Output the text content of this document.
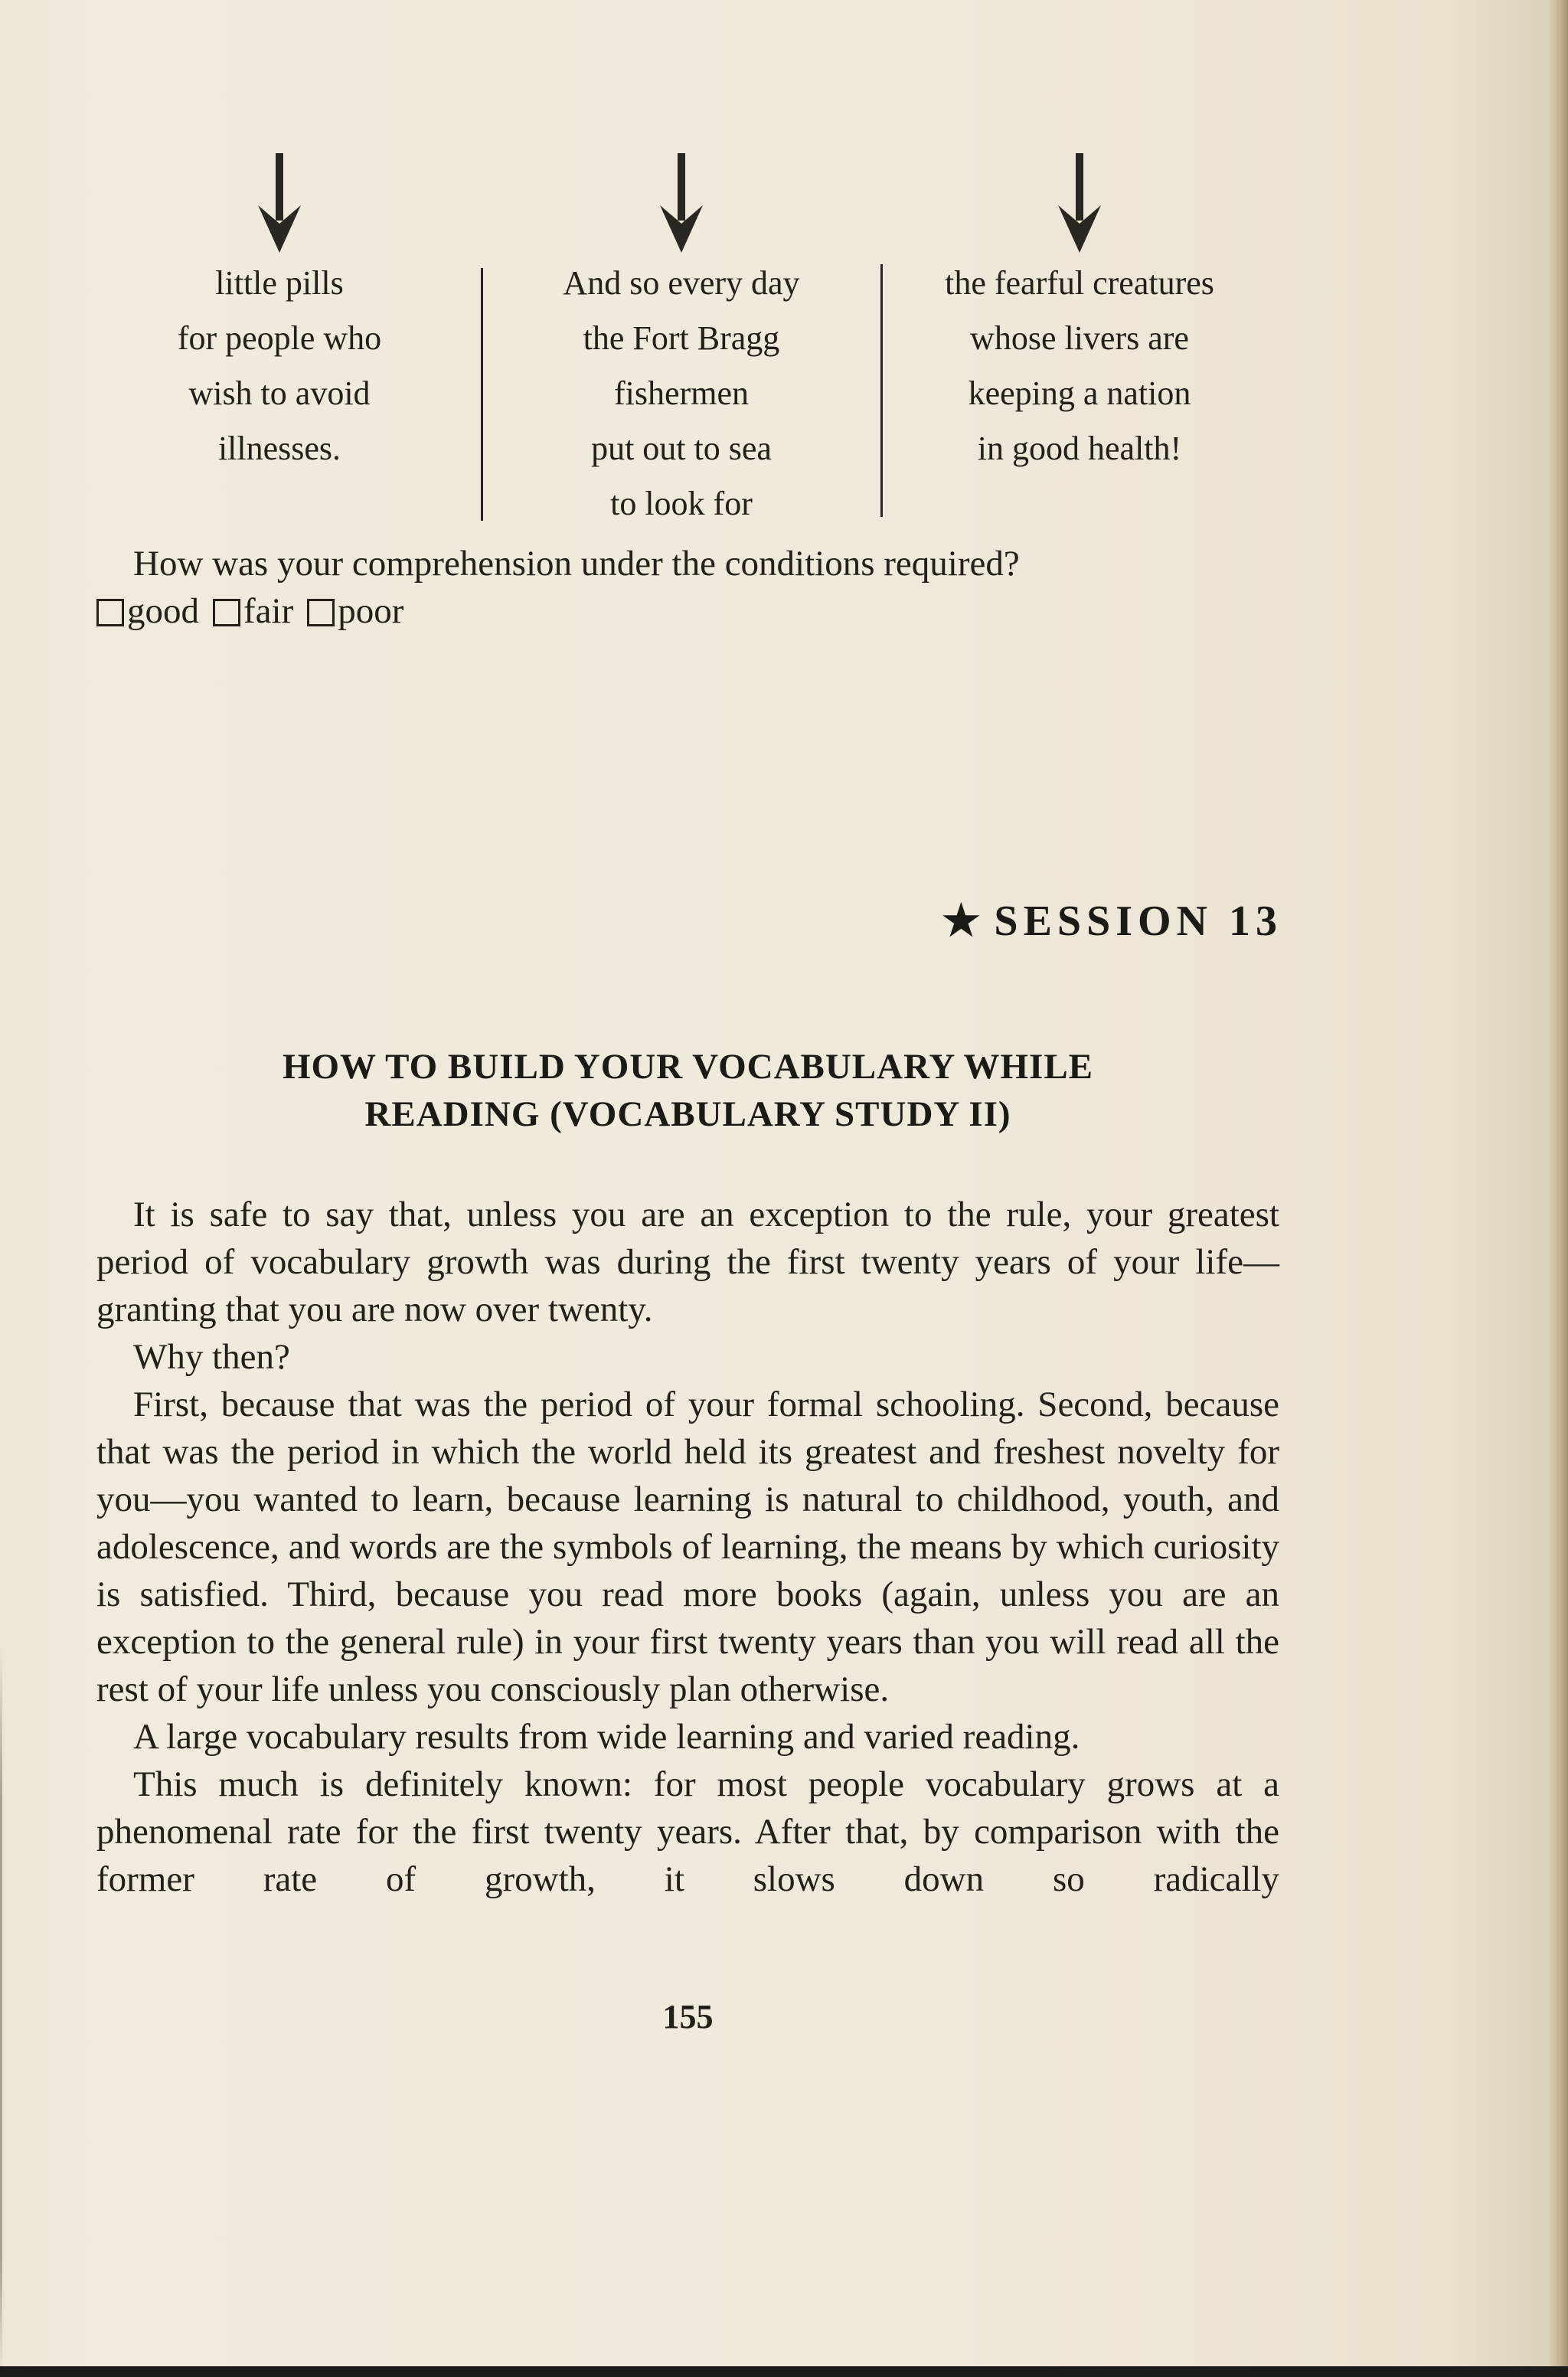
little pills
for people who
wish to avoid
illnesses.
And so every day
the Fort Bragg
fishermen
put out to sea
to look for
the fearful creatures
whose livers are
keeping a nation
in good health!
How was your comprehension under the conditions required?
good fair poor
★ SESSION 13
HOW TO BUILD YOUR VOCABULARY WHILE
READING (VOCABULARY STUDY II)

It is safe to say that, unless you are an exception to the rule, your greatest period of vocabulary growth was during the first twenty years of your life—granting that you are now over twenty.

Why then?

First, because that was the period of your formal schooling. Second, because that was the period in which the world held its greatest and freshest novelty for you—you wanted to learn, because learning is natural to childhood, youth, and adolescence, and words are the symbols of learning, the means by which curiosity is satisfied. Third, because you read more books (again, unless you are an exception to the general rule) in your first twenty years than you will read all the rest of your life unless you consciously plan otherwise.

A large vocabulary results from wide learning and varied reading.

This much is definitely known: for most people vocabulary grows at a phenomenal rate for the first twenty years. After that, by comparison with the former rate of growth, it slows down so radically

155
